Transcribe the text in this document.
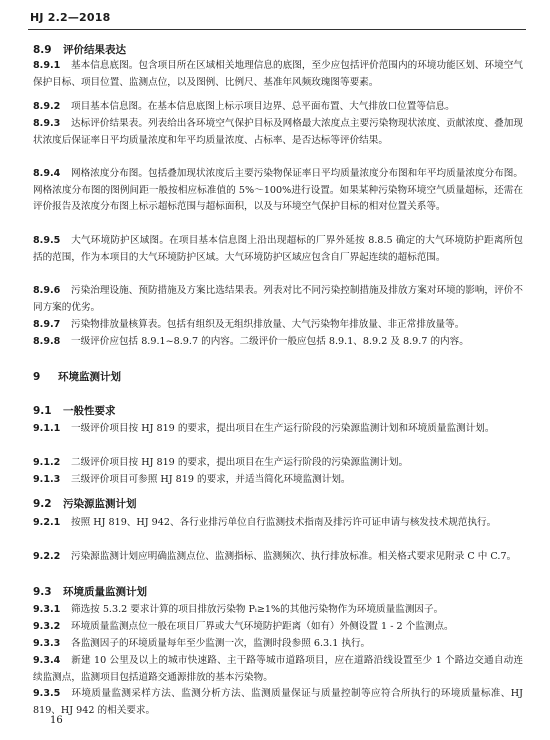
HJ 2.2—2018
8.9 评价结果表达
8.9.1 基本信息底图。包含项目所在区域相关地理信息的底图，至少应包括评价范围内的环境功能区划、环境空气保护目标、项目位置、监测点位，以及图例、比例尺、基准年风频玫瑰图等要素。
8.9.2 项目基本信息图。在基本信息底图上标示项目边界、总平面布置、大气排放口位置等信息。
8.9.3 达标评价结果表。列表给出各环境空气保护目标及网格最大浓度点主要污染物现状浓度、贡献浓度、叠加现状浓度后保证率日平均质量浓度和年平均质量浓度、占标率、是否达标等评价结果。
8.9.4 网格浓度分布图。包括叠加现状浓度后主要污染物保证率日平均质量浓度分布图和年平均质量浓度分布图。网格浓度分布图的图例间距一般按相应标准值的 5%～100%进行设置。如果某种污染物环境空气质量超标，还需在评价报告及浓度分布图上标示超标范围与超标面积，以及与环境空气保护目标的相对位置关系等。
8.9.5 大气环境防护区域图。在项目基本信息图上沿出现超标的厂界外延按 8.8.5 确定的大气环境防护距离所包括的范围，作为本项目的大气环境防护区域。大气环境防护区域应包含自厂界起连续的超标范围。
8.9.6 污染治理设施、预防措施及方案比选结果表。列表对比不同污染控制措施及排放方案对环境的影响，评价不同方案的优劣。
8.9.7 污染物排放量核算表。包括有组织及无组织排放量、大气污染物年排放量、非正常排放量等。
8.9.8 一级评价应包括 8.9.1~8.9.7 的内容。二级评价一般应包括 8.9.1、8.9.2 及 8.9.7 的内容。
9 环境监测计划
9.1 一般性要求
9.1.1 一级评价项目按 HJ 819 的要求，提出项目在生产运行阶段的污染源监测计划和环境质量监测计划。
9.1.2 二级评价项目按 HJ 819 的要求，提出项目在生产运行阶段的污染源监测计划。
9.1.3 三级评价项目可参照 HJ 819 的要求，并适当简化环境监测计划。
9.2 污染源监测计划
9.2.1 按照 HJ 819、HJ 942、各行业排污单位自行监测技术指南及排污许可证申请与核发技术规范执行。
9.2.2 污染源监测计划应明确监测点位、监测指标、监测频次、执行排放标准。相关格式要求见附录 C 中 C.7。
9.3 环境质量监测计划
9.3.1 筛选按 5.3.2 要求计算的项目排放污染物 Pᵢ≥1%的其他污染物作为环境质量监测因子。
9.3.2 环境质量监测点位一般在项目厂界或大气环境防护距离（如有）外侧设置 1 - 2 个监测点。
9.3.3 各监测因子的环境质量每年至少监测一次，监测时段参照 6.3.1 执行。
9.3.4 新建 10 公里及以上的城市快速路、主干路等城市道路项目，应在道路沿线设置至少 1 个路边交通自动连续监测点，监测项目包括道路交通源排放的基本污染物。
9.3.5 环境质量监测采样方法、监测分析方法、监测质量保证与质量控制等应符合所执行的环境质量标准、HJ 819、HJ 942 的相关要求。
16
